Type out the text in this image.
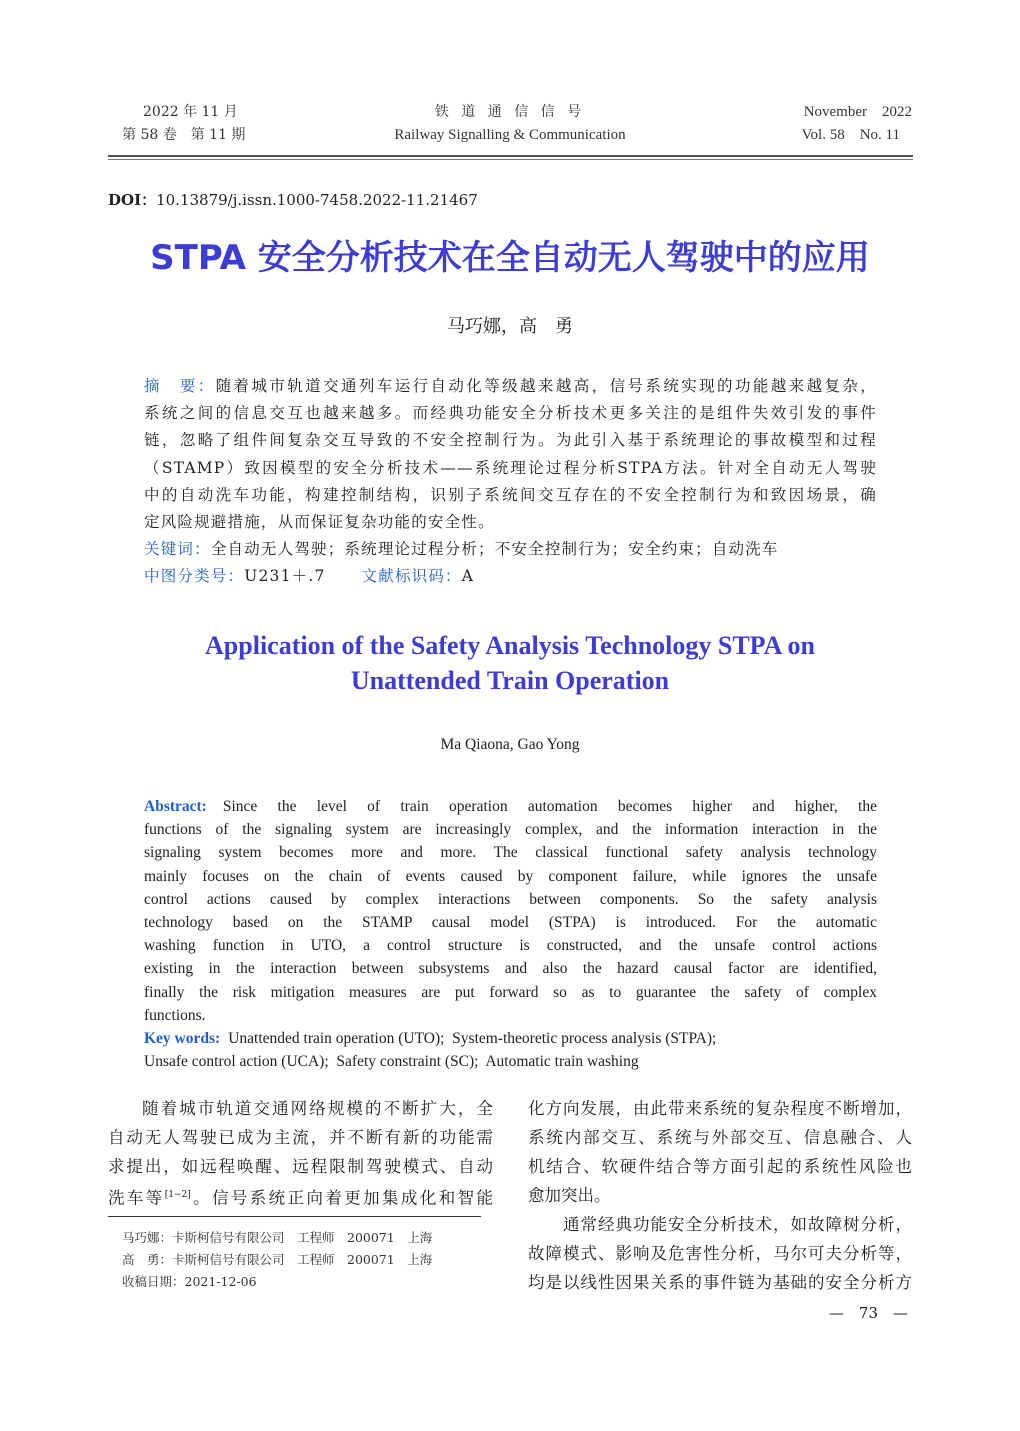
2022 年 11 月
第 58 卷　第 11 期
铁 道 通 信 信 号
Railway Signalling & Communication
November　2022
Vol. 58　No. 11
DOI：10.13879/j.issn.1000-7458.2022-11.21467
STPA 安全分析技术在全自动无人驾驶中的应用
马巧娜，高　勇
摘　要：随着城市轨道交通列车运行自动化等级越来越高，信号系统实现的功能越来越复杂，
系统之间的信息交互也越来越多。而经典功能安全分析技术更多关注的是组件失效引发的事件
链，忽略了组件间复杂交互导致的不安全控制行为。为此引入基于系统理论的事故模型和过程
（STAMP）致因模型的安全分析技术——系统理论过程分析STPA方法。针对全自动无人驾驶
中的自动洗车功能，构建控制结构，识别子系统间交互存在的不安全控制行为和致因场景，确
定风险规避措施，从而保证复杂功能的安全性。
关键词：全自动无人驾驶；系统理论过程分析；不安全控制行为；安全约束；自动洗车
中图分类号：U231＋.7 文献标识码：A
Application of the Safety Analysis Technology STPA on
Unattended Train Operation
Ma Qiaona, Gao Yong
Abstract: Since the level of train operation automation becomes higher and higher, the
functions of the signaling system are increasingly complex, and the information interaction in the
signaling system becomes more and more. The classical functional safety analysis technology
mainly focuses on the chain of events caused by component failure, while ignores the unsafe
control actions caused by complex interactions between components. So the safety analysis
technology based on the STAMP causal model (STPA) is introduced. For the automatic
washing function in UTO, a control structure is constructed, and the unsafe control actions
existing in the interaction between subsystems and also the hazard causal factor are identified,
finally the risk mitigation measures are put forward so as to guarantee the safety of complex
functions.
Key words: Unattended train operation (UTO);  System-theoretic process analysis (STPA);
Unsafe control action (UCA);  Safety constraint (SC);  Automatic train washing
随着城市轨道交通网络规模的不断扩大，全
自动无人驾驶已成为主流，并不断有新的功能需
求提出，如远程唤醒、远程限制驾驶模式、自动
洗车等[1−2]。信号系统正向着更加集成化和智能
马巧娜：卡斯柯信号有限公司　工程师　200071　上海
高　勇：卡斯柯信号有限公司　工程师　200071　上海
收稿日期：2021-12-06
化方向发展，由此带来系统的复杂程度不断增加，
系统内部交互、系统与外部交互、信息融合、人
机结合、软硬件结合等方面引起的系统性风险也
愈加突出。
　　通常经典功能安全分析技术，如故障树分析，
故障模式、影响及危害性分析，马尔可夫分析等，
均是以线性因果关系的事件链为基础的安全分析方
—　73　—
